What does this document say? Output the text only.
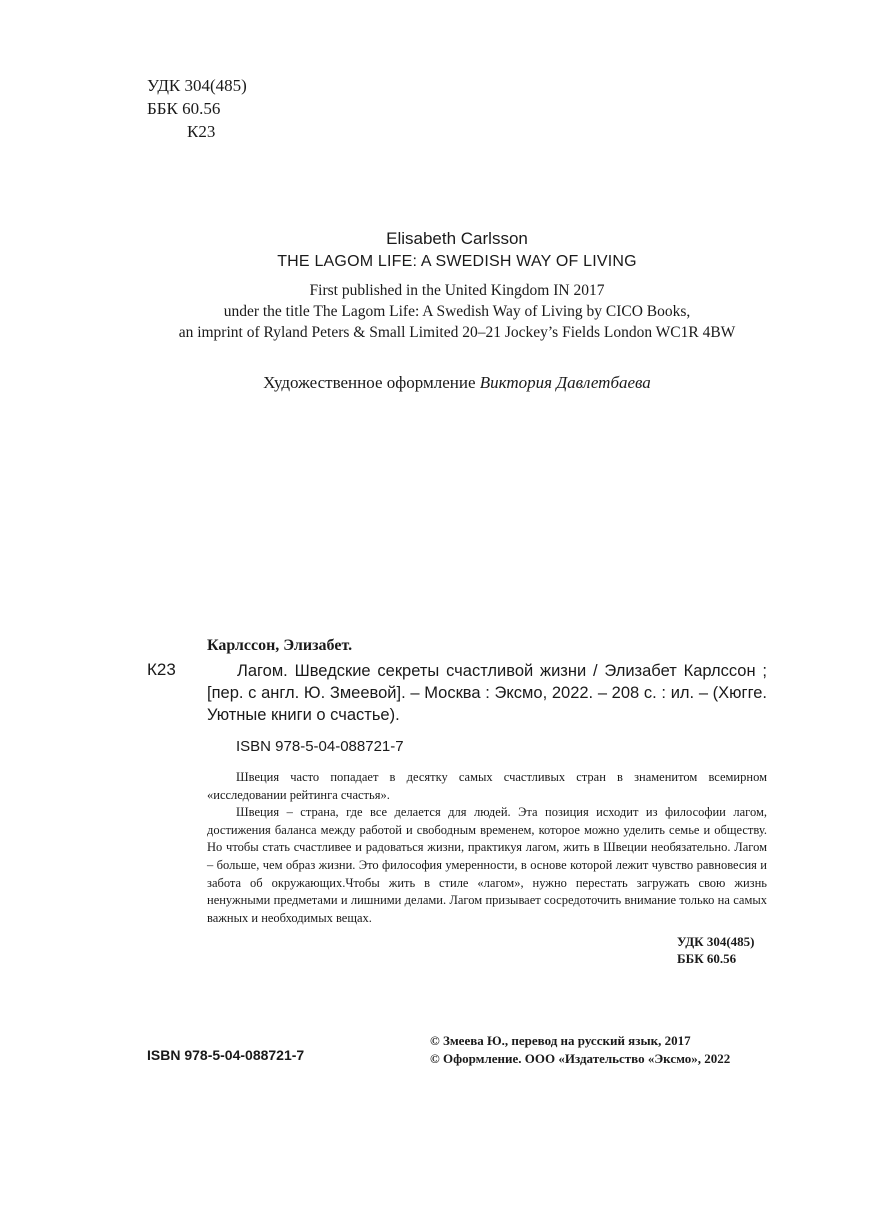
УДК 304(485)
ББК 60.56
К23
Elisabeth Carlsson
THE LAGOM LIFE: A SWEDISH WAY OF LIVING
First published in the United Kingdom IN 2017
under the title The Lagom Life: A Swedish Way of Living by CICO Books,
an imprint of Ryland Peters & Small Limited 20–21 Jockey’s Fields London WC1R 4BW
Художественное оформление Виктория Давлетбаева
Карлссон, Элизабет.
К23	Лагом. Шведские секреты счастливой жизни / Элизабет Карлссон ; [пер. с англ. Ю. Змеевой]. – Москва : Эксмо, 2022. – 208 с. : ил. – (Хюгге. Уютные книги о счастье).
ISBN 978-5-04-088721-7

Швеция часто попадает в десятку самых счастливых стран в знаменитом всемирном «исследовании рейтинга счастья».

Швеция – страна, где все делается для людей. Эта позиция исходит из философии лагом, достижения баланса между работой и свободным временем, которое можно уделить семье и обществу. Но чтобы стать счастливее и радоваться жизни, практикуя лагом, жить в Швеции необязательно. Лагом – больше, чем образ жизни. Это философия умеренности, в основе которой лежит чувство равновесия и забота об окружающих.Чтобы жить в стиле «лагом», нужно перестать загружать свою жизнь ненужными предметами и лишними делами. Лагом призывает сосредоточить внимание только на самых важных и необходимых вещах.

УДК 304(485)
ББК 60.56
ISBN 978-5-04-088721-7
© Змеева Ю., перевод на русский язык, 2017
© Оформление. ООО «Издательство «Эксмо», 2022
